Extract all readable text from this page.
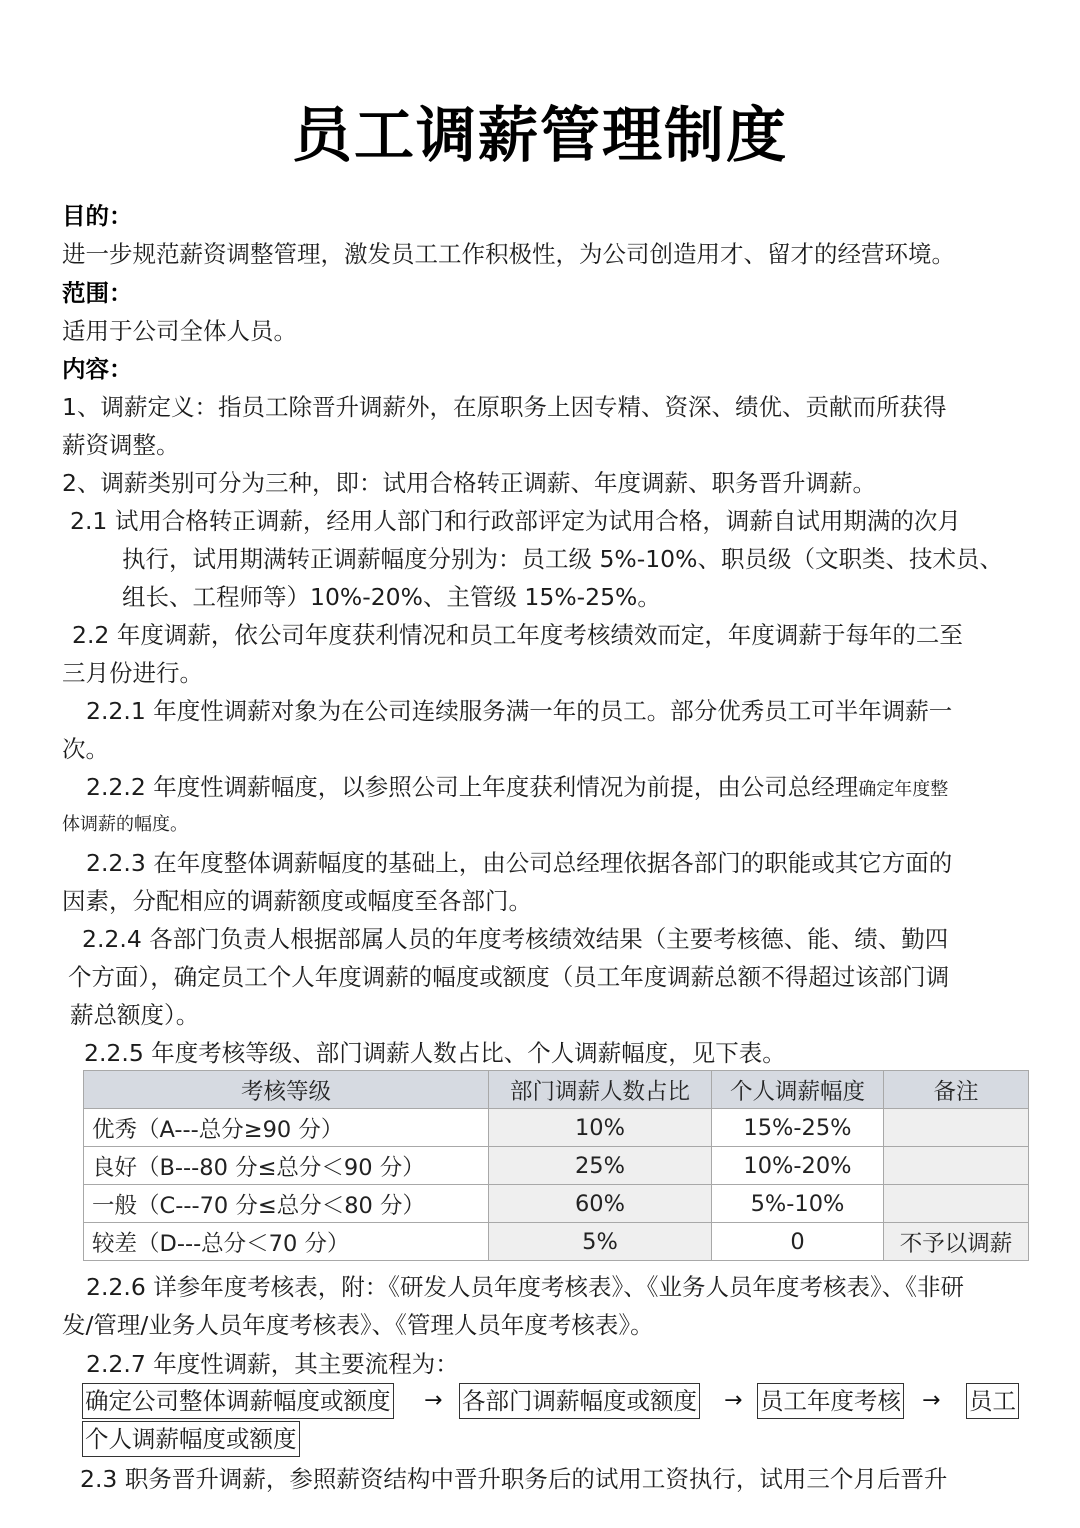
员工调薪管理制度
目的：
进一步规范薪资调整管理，激发员工工作积极性，为公司创造用才、留才的经营环境。
范围：
适用于公司全体人员。
内容：
1、调薪定义：指员工除晋升调薪外，在原职务上因专精、资深、绩优、贡献而所获得
薪资调整。
2、调薪类别可分为三种，即：试用合格转正调薪、年度调薪、职务晋升调薪。
2.1 试用合格转正调薪，经用人部门和行政部评定为试用合格，调薪自试用期满的次月
执行，试用期满转正调薪幅度分别为：员工级 5%-10%、职员级（文职类、技术员、
组长、工程师等）10%-20%、主管级 15%-25%。
2.2 年度调薪，依公司年度获利情况和员工年度考核绩效而定，年度调薪于每年的二至
三月份进行。
2.2.1 年度性调薪对象为在公司连续服务满一年的员工。部分优秀员工可半年调薪一
次。
2.2.2 年度性调薪幅度，以参照公司上年度获利情况为前提，由公司总经理确定年度整
体调薪的幅度。
2.2.3 在年度整体调薪幅度的基础上，由公司总经理依据各部门的职能或其它方面的
因素，分配相应的调薪额度或幅度至各部门。
2.2.4 各部门负责人根据部属人员的年度考核绩效结果（主要考核德、能、绩、勤四
个方面），确定员工个人年度调薪的幅度或额度（员工年度调薪总额不得超过该部门调
薪总额度）。
2.2.5 年度考核等级、部门调薪人数占比、个人调薪幅度，见下表。
考核等级	部门调薪人数占比	个人调薪幅度	备注
优秀（A---总分≥90 分）	10%	15%-25%	
良好（B---80 分≤总分＜90 分）	25%	10%-20%	
一般（C---70 分≤总分＜80 分）	60%	5%-10%	
较差（D---总分＜70 分）	5%	0	不予以调薪
2.2.6 详参年度考核表，附：《研发人员年度考核表》、《业务人员年度考核表》、《非研
发/管理/业务人员年度考核表》、《管理人员年度考核表》。
2.2.7 年度性调薪，其主要流程为：
确定公司整体调薪幅度或额度 → 各部门调薪幅度或额度 → 员工年度考核 → 员工
个人调薪幅度或额度
2.3 职务晋升调薪，参照薪资结构中晋升职务后的试用工资执行，试用三个月后晋升
